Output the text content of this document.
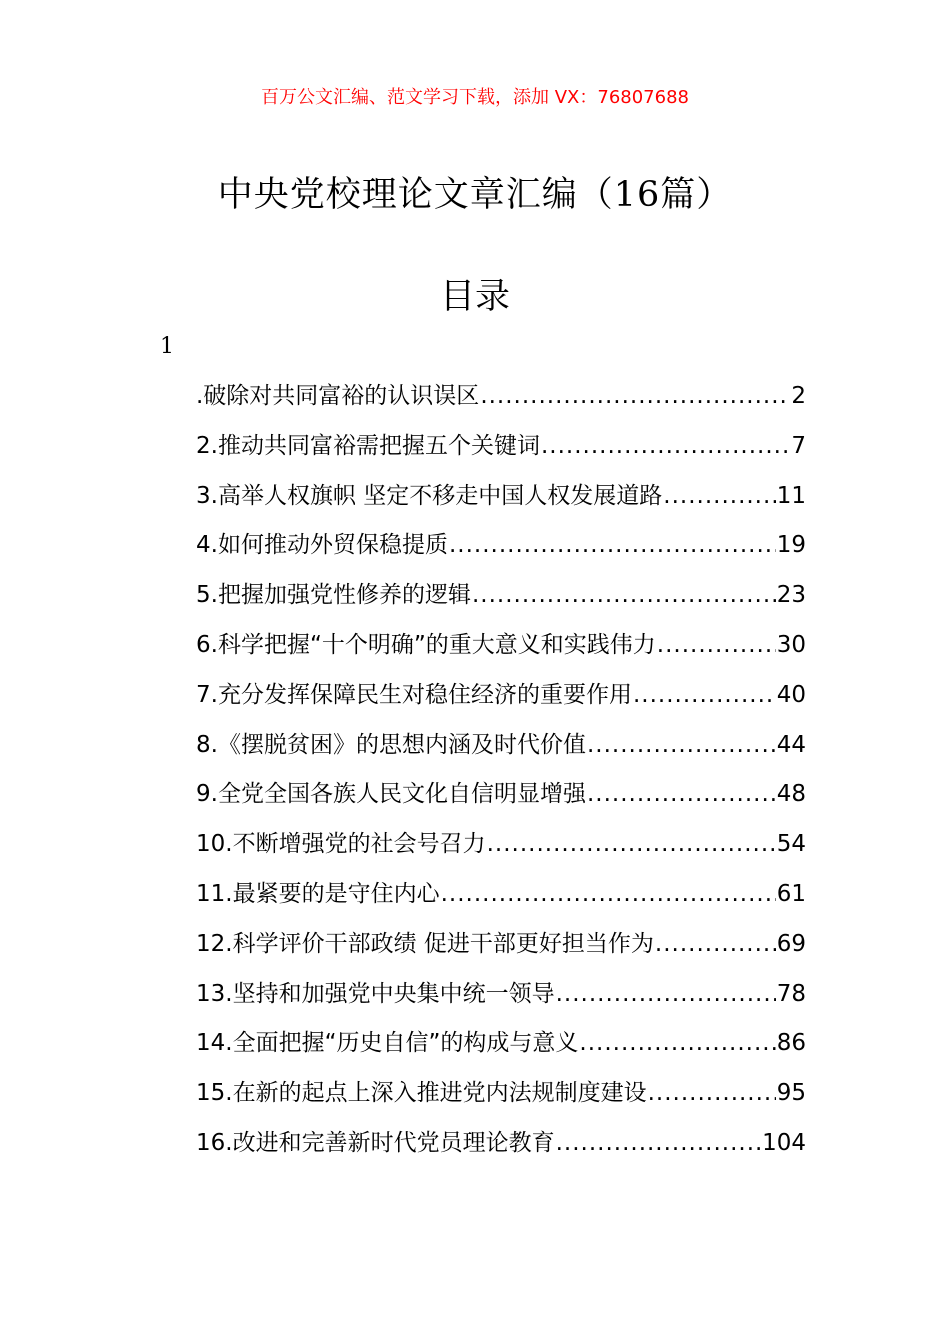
百万公文汇编、范文学习下载，添加 VX：76807688
中央党校理论文章汇编（16篇）
目录
1
.破除对共同富裕的认识误区 .....	2
2.推动共同富裕需把握五个关键词 .....	7
3.高举人权旗帜 坚定不移走中国人权发展道路 .....	11
4.如何推动外贸保稳提质 .....	19
5.把握加强党性修养的逻辑 .....	23
6.科学把握“十个明确”的重大意义和实践伟力 .....	30
7.充分发挥保障民生对稳住经济的重要作用 .....	40
8.《摆脱贫困》的思想内涵及时代价值 .....	44
9.全党全国各族人民文化自信明显增强 .....	48
10.不断增强党的社会号召力 .....	54
11.最紧要的是守住内心 .....	61
12.科学评价干部政绩 促进干部更好担当作为 .....	69
13.坚持和加强党中央集中统一领导 .....	78
14.全面把握“历史自信”的构成与意义 .....	86
15.在新的起点上深入推进党内法规制度建设 .....	95
16.改进和完善新时代党员理论教育 .....	104
